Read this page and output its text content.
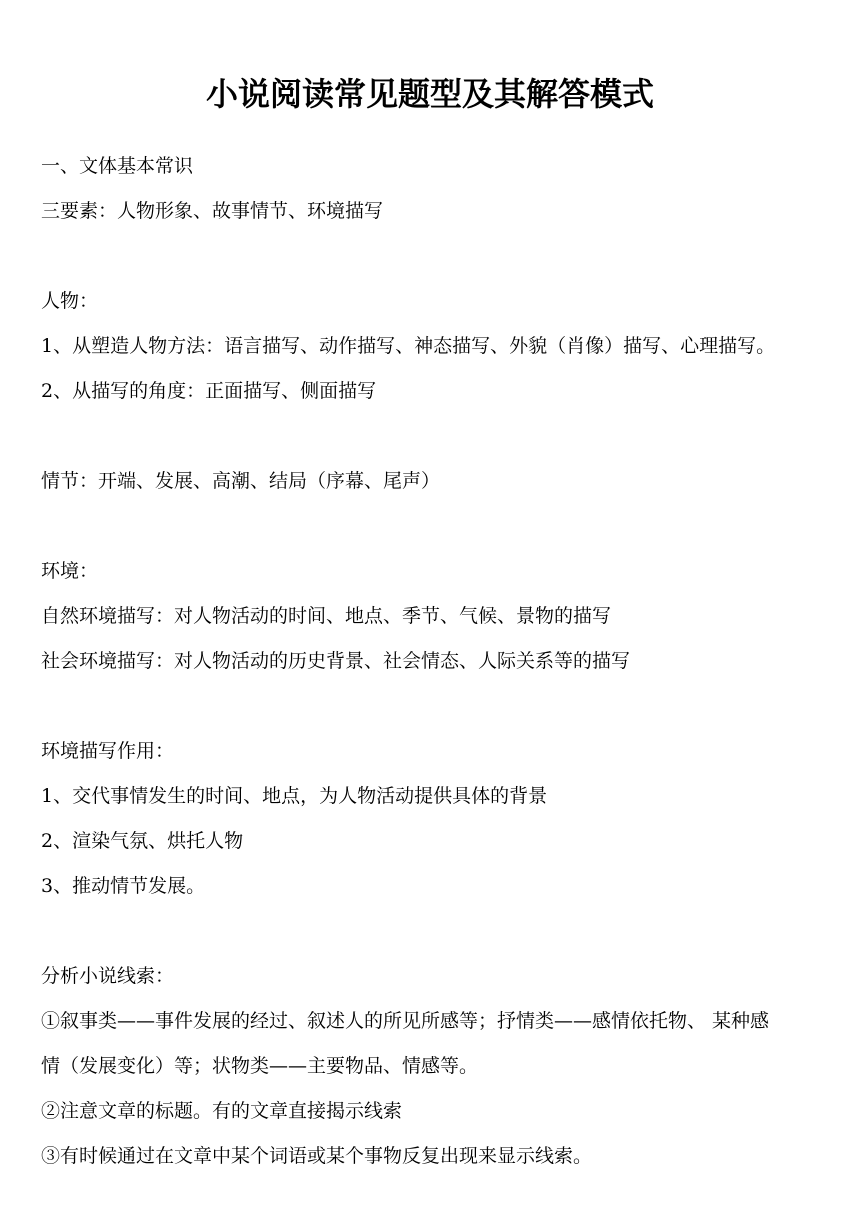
小说阅读常见题型及其解答模式
一、文体基本常识
三要素：人物形象、故事情节、环境描写
人物：
1、从塑造人物方法：语言描写、动作描写、神态描写、外貌（肖像）描写、心理描写。
2、从描写的角度：正面描写、侧面描写
情节：开端、发展、高潮、结局（序幕、尾声）
环境：
自然环境描写：对人物活动的时间、地点、季节、气候、景物的描写
社会环境描写：对人物活动的历史背景、社会情态、人际关系等的描写
环境描写作用：
1、交代事情发生的时间、地点，为人物活动提供具体的背景
2、渲染气氛、烘托人物
3、推动情节发展。
分析小说线索：
①叙事类——事件发展的经过、叙述人的所见所感等；抒情类——感情依托物、 某种感
情（发展变化）等；状物类——主要物品、情感等。
②注意文章的标题。有的文章直接揭示线索
③有时候通过在文章中某个词语或某个事物反复出现来显示线索。
